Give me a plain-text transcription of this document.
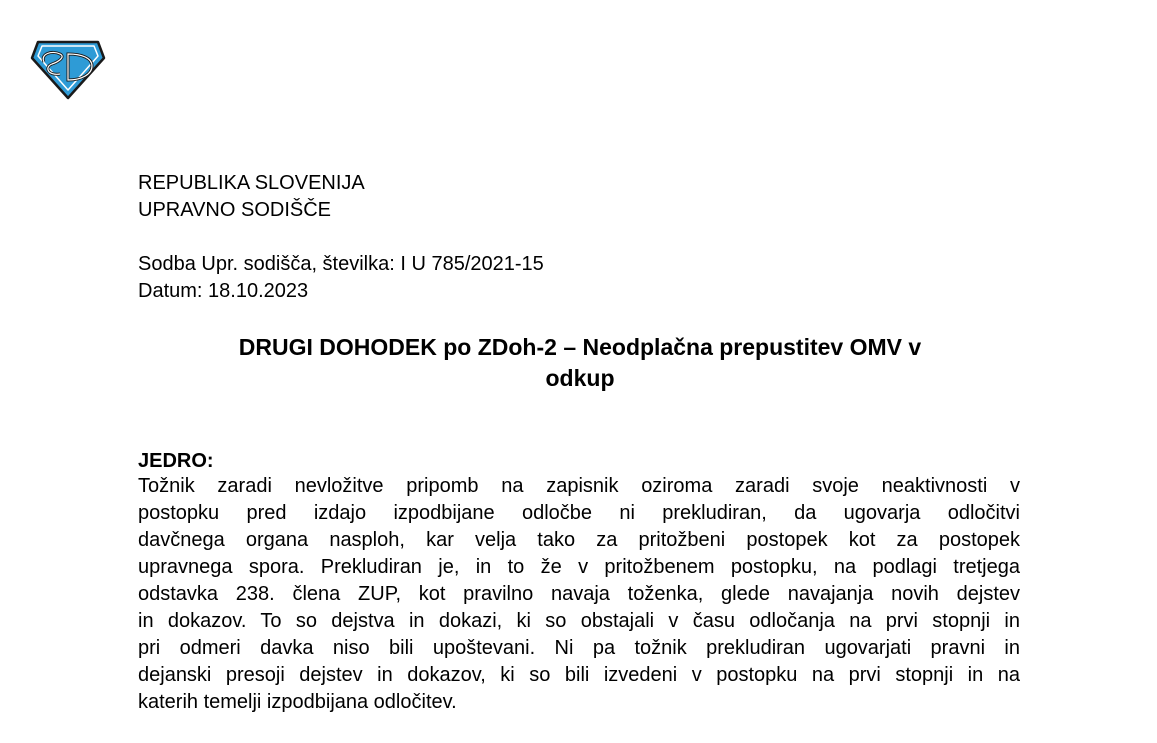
REPUBLIKA SLOVENIJA
UPRAVNO SODIŠČE
Sodba Upr. sodišča, številka: I U 785/2021-15
Datum: 18.10.2023
DRUGI DOHODEK po ZDoh-2 – Neodplačna prepustitev OMV v
odkup
JEDRO:
Tožnik zaradi nevložitve pripomb na zapisnik oziroma zaradi svoje neaktivnosti v
postopku pred izdajo izpodbijane odločbe ni prekludiran, da ugovarja odločitvi
davčnega organa nasploh, kar velja tako za pritožbeni postopek kot za postopek
upravnega spora. Prekludiran je, in to že v pritožbenem postopku, na podlagi tretjega
odstavka 238. člena ZUP, kot pravilno navaja toženka, glede navajanja novih dejstev
in dokazov. To so dejstva in dokazi, ki so obstajali v času odločanja na prvi stopnji in
pri odmeri davka niso bili upoštevani. Ni pa tožnik prekludiran ugovarjati pravni in
dejanski presoji dejstev in dokazov, ki so bili izvedeni v postopku na prvi stopnji in na
katerih temelji izpodbijana odločitev.
